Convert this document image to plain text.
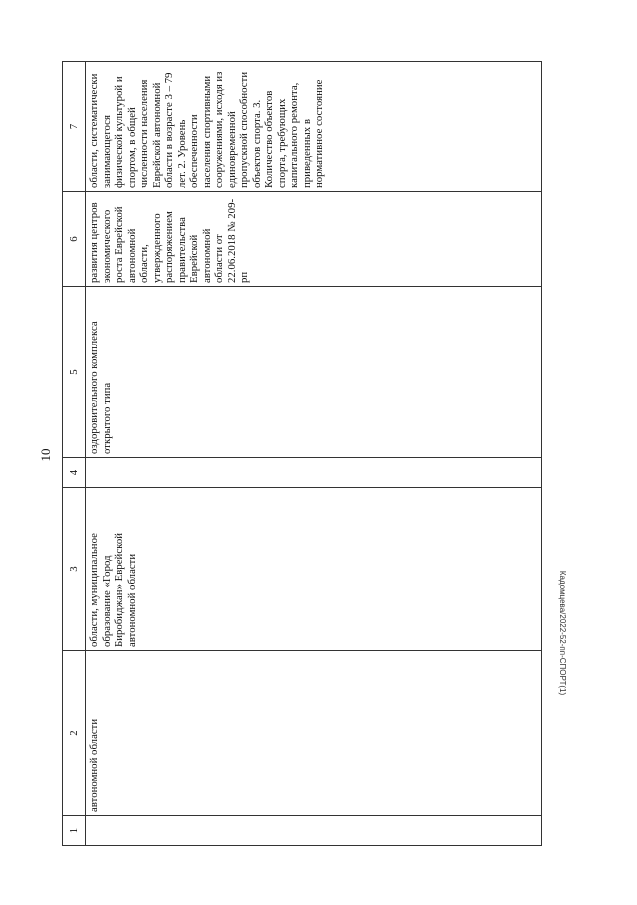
10
Кадомцева/2022-52-пп-СПОРТ(1)
1	2	3	4	5	6	7
	автономной области	области, муниципальное образование «Город Биробиджан» Еврейской автономной области		оздоровительного комплекса открытого типа	развития центров экономического роста Еврейской автономной области, утвержденного распоряжением правительства Еврейской автономной области от 22.06.2018 № 209-рп	области, систематически занимающегося физической культурой и спортом, в общей численности населения Еврейской автономной области в возрасте 3 – 79 лет. 2. Уровень обеспеченности населения спортивными сооружениями, исходя из единовременной пропускной способности объектов спорта. 3. Количество объектов спорта, требующих капитального ремонта, приведенных в нормативное состояние
